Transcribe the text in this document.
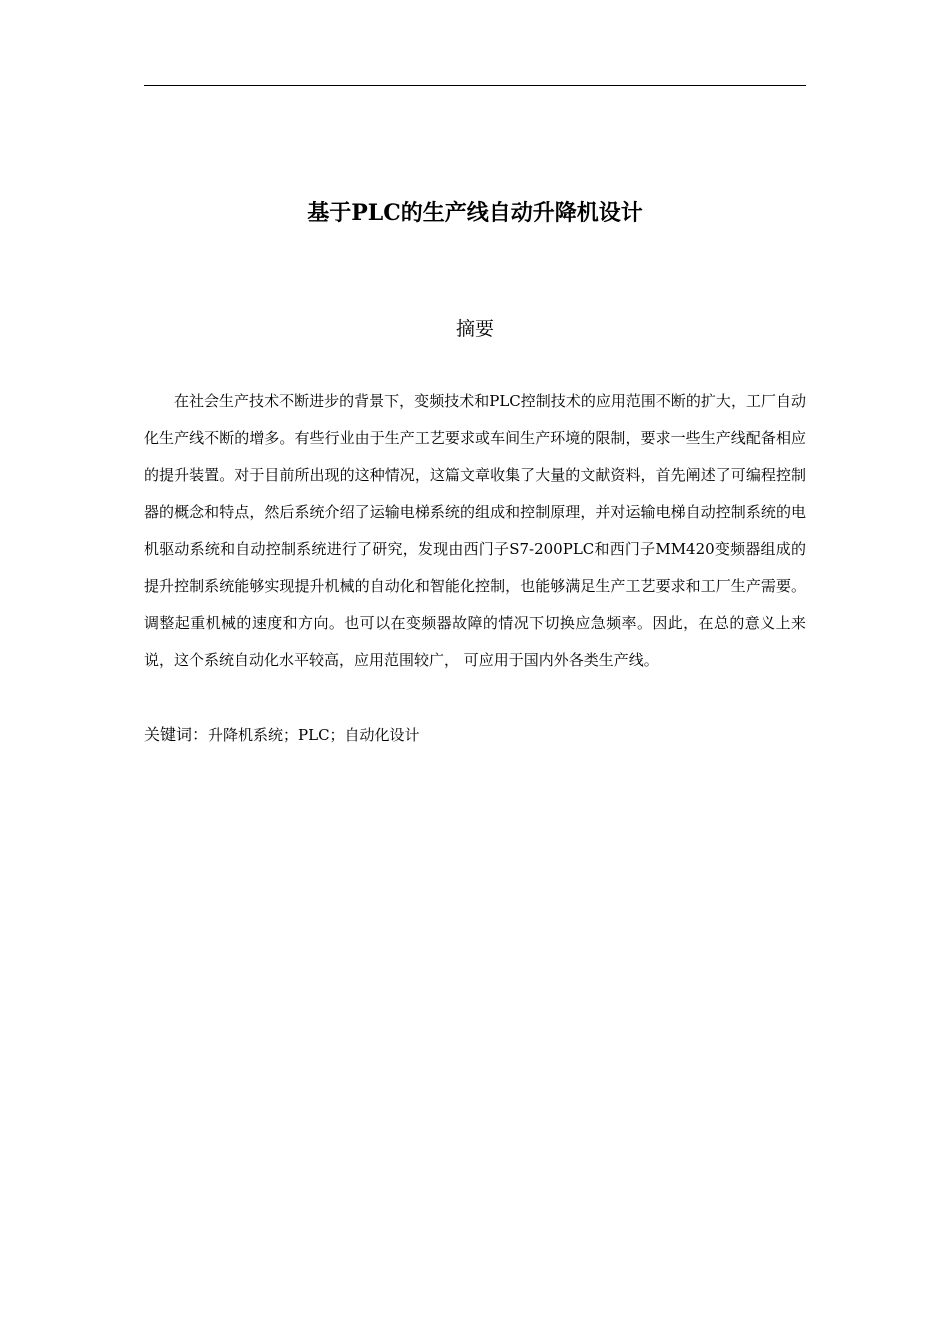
基于PLC的生产线自动升降机设计
摘要

在社会生产技术不断进步的背景下，变频技术和PLC控制技术的应用范围不断的扩大，工厂自动化生产线不断的增多。有些行业由于生产工艺要求或车间生产环境的限制，要求一些生产线配备相应的提升装置。对于目前所出现的这种情况，这篇文章收集了大量的文献资料，首先阐述了可编程控制器的概念和特点，然后系统介绍了运输电梯系统的组成和控制原理，并对运输电梯自动控制系统的电机驱动系统和自动控制系统进行了研究，发现由西门子S7-200PLC和西门子MM420变频器组成的提升控制系统能够实现提升机械的自动化和智能化控制，也能够满足生产工艺要求和工厂生产需要。调整起重机械的速度和方向。也可以在变频器故障的情况下切换应急频率。因此，在总的意义上来说，这个系统自动化水平较高，应用范围较广， 可应用于国内外各类生产线。

关键词：升降机系统；PLC；自动化设计
